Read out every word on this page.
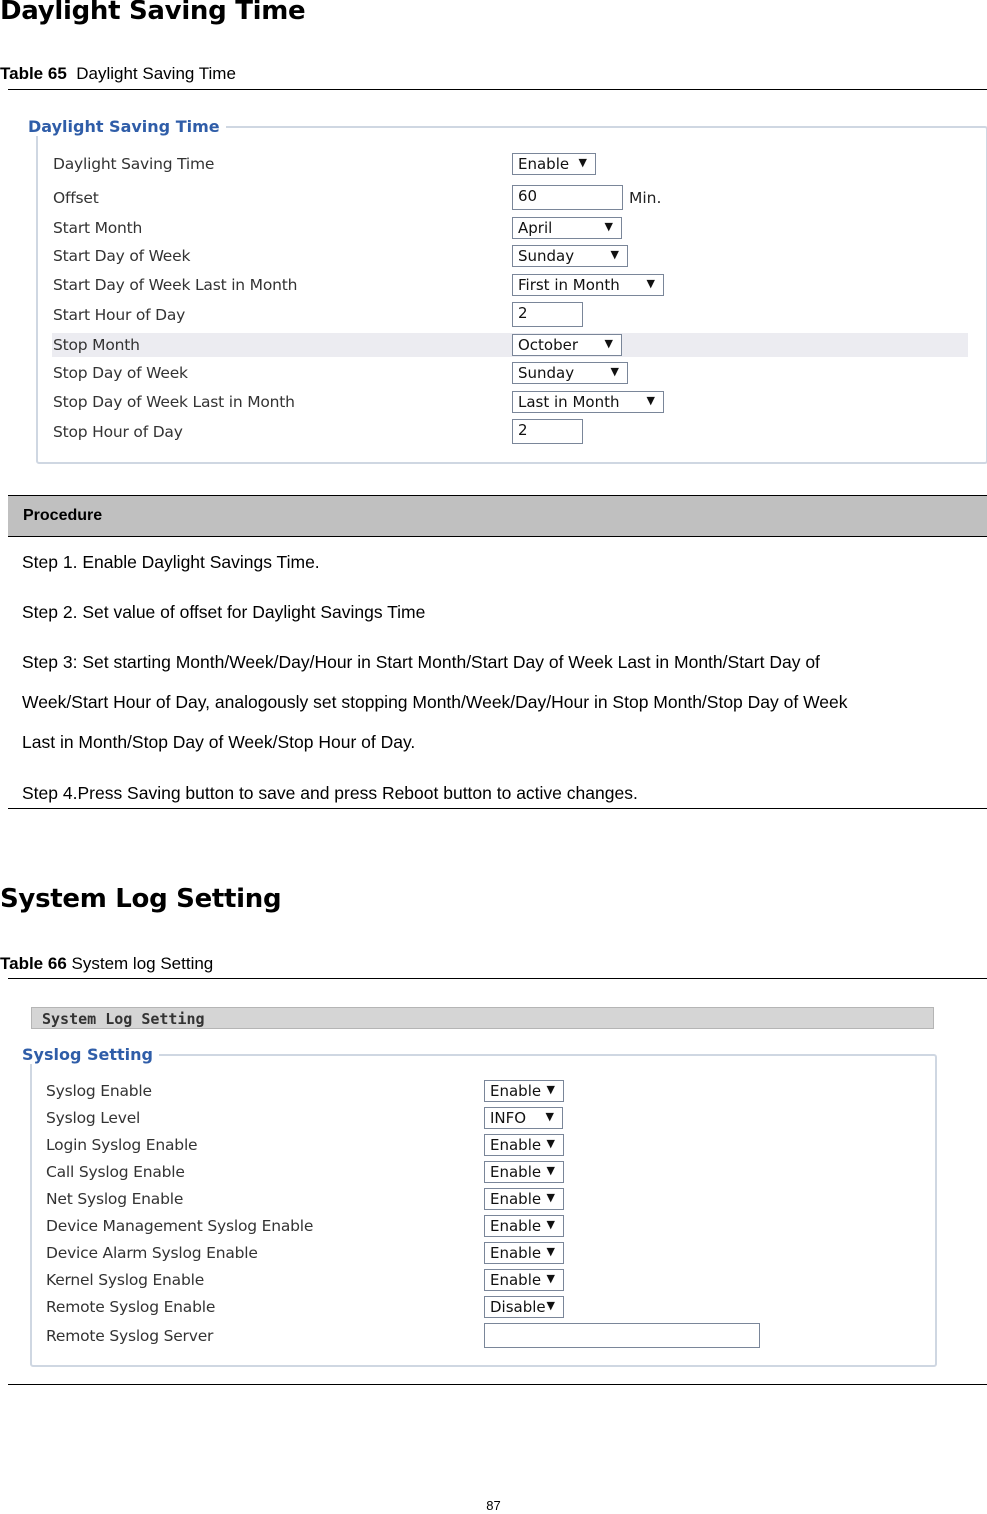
Daylight Saving Time
Table 65 Daylight Saving Time
Daylight Saving Time
Daylight Saving Time	Enable ▼
Offset	60	Min.
Start Month	April	▼
Start Day of Week	Sunday	▼
Start Day of Week Last in Month	First in Month ▼
Start Hour of Day	2
Stop Month	October ▼
Stop Day of Week	Sunday	▼
Stop Day of Week Last in Month	Last in Month ▼
Stop Hour of Day	2
Procedure
Step 1. Enable Daylight Savings Time.
Step 2. Set value of offset for Daylight Savings Time
Step 3: Set starting Month/Week/Day/Hour in Start Month/Start Day of Week Last in Month/Start Day of
Week/Start Hour of Day, analogously set stopping Month/Week/Day/Hour in Stop Month/Stop Day of Week
Last in Month/Stop Day of Week/Stop Hour of Day.
Step 4.Press Saving button to save and press Reboot button to active changes.
System Log Setting
Table 66 System log Setting
System Log Setting
Syslog Setting
Syslog Enable	Enable ▼
Syslog Level	INFO ▼
Login Syslog Enable	Enable ▼
Call Syslog Enable	Enable ▼
Net Syslog Enable	Enable ▼
Device Management Syslog Enable	Enable ▼
Device Alarm Syslog Enable	Enable ▼
Kernel Syslog Enable	Enable ▼
Remote Syslog Enable	Disable ▼
Remote Syslog Server
87
